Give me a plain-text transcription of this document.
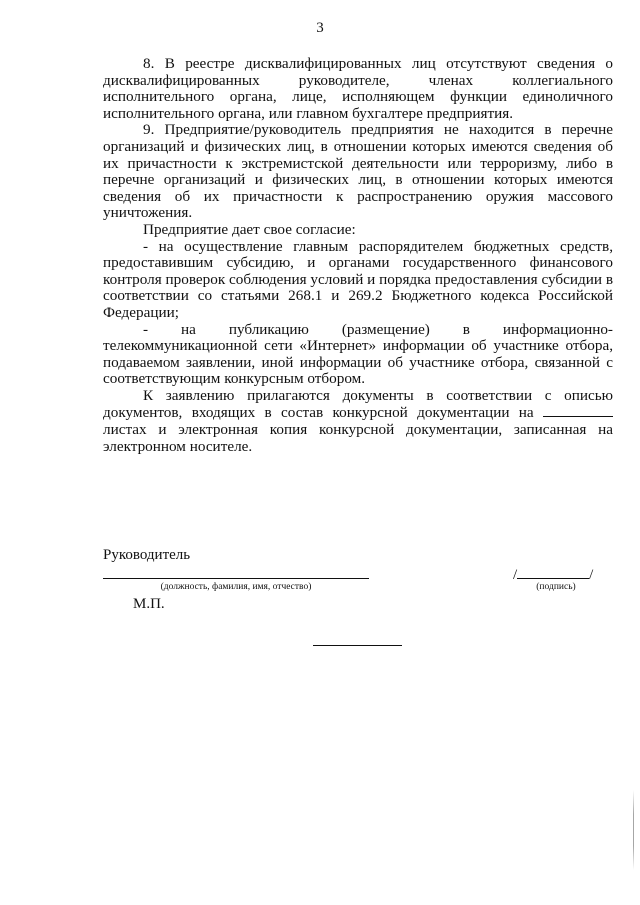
3

8. В реестре дисквалифицированных лиц отсутствуют сведения о дисквалифицированных руководителе, членах коллегиального исполнительного органа, лице, исполняющем функции единоличного исполнительного органа, или главном бухгалтере предприятия.

9. Предприятие/руководитель предприятия не находится в перечне организаций и физических лиц, в отношении которых имеются сведения об их причастности к экстремистской деятельности или терроризму, либо в перечне организаций и физических лиц, в отношении которых имеются сведения об их причастности к распространению оружия массового уничтожения.

Предприятие дает свое согласие:

- на осуществление главным распорядителем бюджетных средств, предоставившим субсидию, и органами государственного финансового контроля проверок соблюдения условий и порядка предоставления субсидии в соответствии со статьями 268.1 и 269.2 Бюджетного кодекса Российской Федерации;

- на публикацию (размещение) в информационно-телекоммуникационной сети «Интернет» информации об участнике отбора, подаваемом заявлении, иной информации об участнике отбора, связанной с соответствующим конкурсным отбором.

К заявлению прилагаются документы в соответствии с описью документов, входящих в состав конкурсной документации на  листах и электронная копия конкурсной документации, записанная на электронном носителе.

Руководитель
(должность, фамилия, имя, отчество)
/	/
(подпись)
М.П.
